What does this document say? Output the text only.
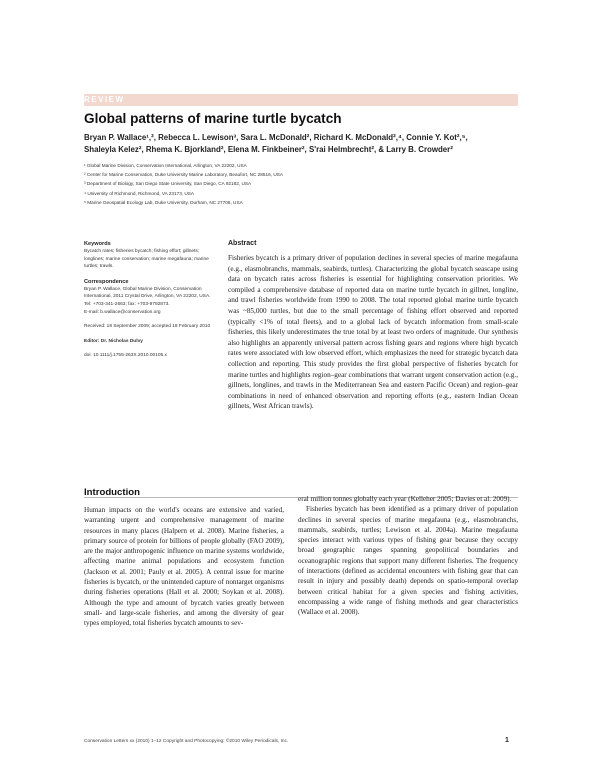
REVIEW
Global patterns of marine turtle bycatch
Bryan P. Wallace¹,², Rebecca L. Lewison³, Sara L. McDonald², Richard K. McDonald²,⁴, Connie Y. Kot²,⁵,
Shaleyla Kelez², Rhema K. Bjorkland², Elena M. Finkbeiner², S'rai Helmbrecht², & Larry B. Crowder²
¹ Global Marine Division, Conservation International, Arlington, VA 22202, USA
² Center for Marine Conservation, Duke University Marine Laboratory, Beaufort, NC 28516, USA
³ Department of Biology, San Diego State University, San Diego, CA 92182, USA
⁴ University of Richmond, Richmond, VA 23173, USA
⁵ Marine Geospatial Ecology Lab, Duke University, Durham, NC 27708, USA
Keywords
Bycatch rates; fisheries bycatch; fishing effort; gillnets; longlines; marine conservation; marine megafauna; marine turtles; trawls.
Correspondence
Bryan P. Wallace, Global Marine Division, Conservation International, 2011 Crystal Drive, Arlington, VA 22202, USA. Tel: +703-341-2663; fax: +703-9792873.
E-mail: b.wallace@conservation.org
Received: 18 September 2009; accepted 18 February 2010
Editor: Dr. Nicholas Dulvy
doi: 10.1111/j.1755-263X.2010.00105.x
Abstract
Fisheries bycatch is a primary driver of population declines in several species of marine megafauna (e.g., elasmobranchs, mammals, seabirds, turtles). Characterizing the global bycatch seascape using data on bycatch rates across fisheries is essential for highlighting conservation priorities. We compiled a comprehensive database of reported data on marine turtle bycatch in gillnet, longline, and trawl fisheries worldwide from 1990 to 2008. The total reported global marine turtle bycatch was ~85,000 turtles, but due to the small percentage of fishing effort observed and reported (typically <1% of total fleets), and to a global lack of bycatch information from small-scale fisheries, this likely underestimates the true total by at least two orders of magnitude. Our synthesis also highlights an apparently universal pattern across fishing gears and regions where high bycatch rates were associated with low observed effort, which emphasizes the need for strategic bycatch data collection and reporting. This study provides the first global perspective of fisheries bycatch for marine turtles and highlights region–gear combinations that warrant urgent conservation action (e.g., gillnets, longlines, and trawls in the Mediterranean Sea and eastern Pacific Ocean) and region–gear combinations in need of enhanced observation and reporting efforts (e.g., eastern Indian Ocean gillnets, West African trawls).
Introduction

Human impacts on the world's oceans are extensive and varied, warranting urgent and comprehensive management of marine resources in many places (Halpern et al. 2008). Marine fisheries, a primary source of protein for billions of people globally (FAO 2009), are the major anthropogenic influence on marine systems worldwide, affecting marine animal populations and ecosystem function (Jackson et al. 2001; Pauly et al. 2005). A central issue for marine fisheries is bycatch, or the unintended capture of nontarget organisms during fisheries operations (Hall et al. 2000; Soykan et al. 2008). Although the type and amount of bycatch varies greatly between small- and large-scale fisheries, and among the diversity of gear types employed, total fisheries bycatch amounts to sev-

eral million tonnes globally each year (Kelleher 2005; Davies et al. 2009).

Fisheries bycatch has been identified as a primary driver of population declines in several species of marine megafauna (e.g., elasmobranchs, mammals, seabirds, turtles; Lewison et al. 2004a). Marine megafauna species interact with various types of fishing gear because they occupy broad geographic ranges spanning geopolitical boundaries and oceanographic regions that support many different fisheries. The frequency of interactions (defined as accidental encounters with fishing gear that can result in injury and possibly death) depends on spatio-temporal overlap between critical habitat for a given species and fishing activities, encompassing a wide range of fishing methods and gear characteristics (Wallace et al. 2008).

Conservation Letters xx (2010) 1–12 Copyright and Photocopying: ©2010 Wiley Periodicals, Inc.	1
